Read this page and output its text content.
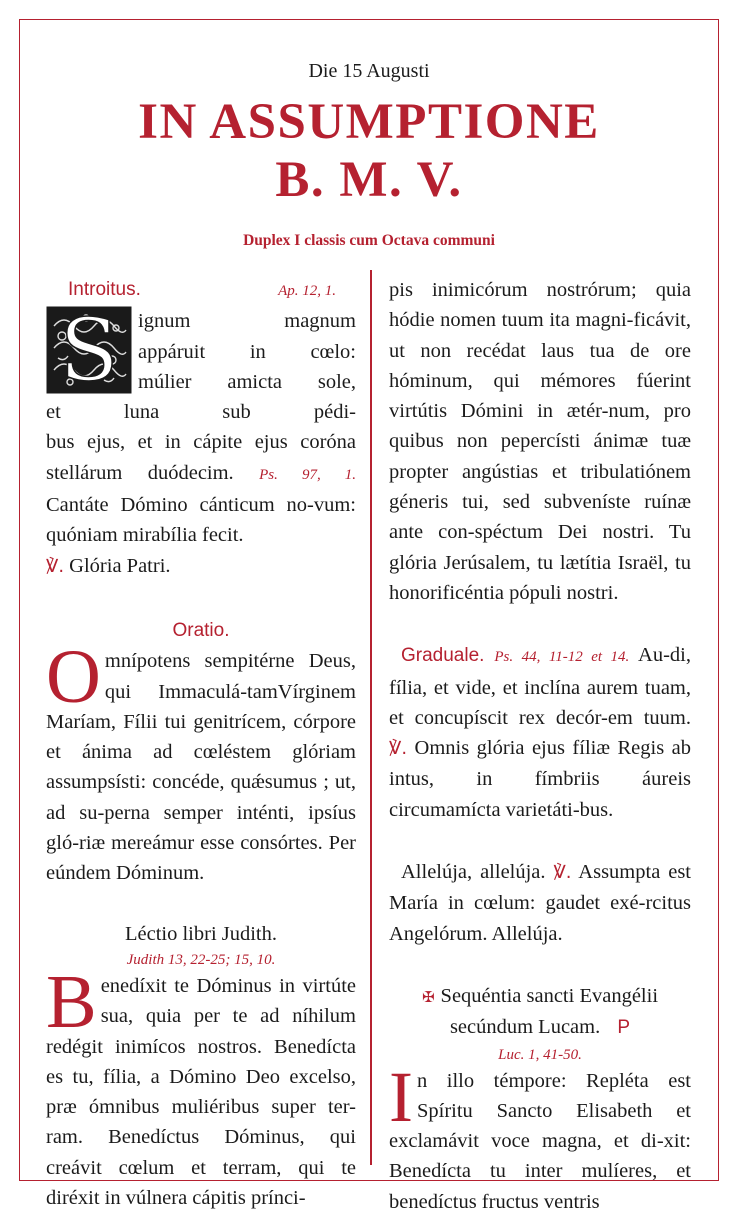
Die 15 Augusti
IN ASSUMPTIONE
B. M. V.
Duplex I classis cum Octava communi
Introitus.	Ap. 12, 1.
S ignum magnum
appáruit in cœlo:
múlier amicta sole,
et luna sub pédi-
bus ejus, et in cápite ejus coróna
stellárum duódecim. Ps. 97, 1.
Cantáte Dómino cánticum no-vum: quóniam mirabília fecit.
℣. Glória Patri.
Oratio.
Omnípotens sempitérne Deus, qui Immaculá-tamVírginem Maríam, Fílii tui genitrícem, córpore et ánima ad cœléstem glóriam assumpsísti: concéde, quǽsumus ; ut, ad su-perna semper inténti, ipsíus gló-riæ mereámur esse consórtes. Per eúndem Dóminum.
Léctio libri Judith.
Judith 13, 22-25; 15, 10.
Benedíxit te Dóminus in virtúte sua, quia per te ad níhilum redégit inimícos nostros. Benedícta es tu, fília, a Dómino Deo excelso, præ ómnibus muliéribus super ter-ram. Benedíctus Dóminus, qui creávit cœlum et terram, qui te diréxit in vúlnera cápitis prínci-
pis inimicórum nostrórum; quia hódie nomen tuum ita magni-ficávit, ut non recédat laus tua de ore hóminum, qui mémores fúerint virtútis Dómini in ætér-num, pro quibus non pepercísti ánimæ tuæ propter angústias et tribulatiónem géneris tui, sed subveníste ruínæ ante con-spéctum Dei nostri. Tu glória Jerúsalem, tu lætítia Israël, tu honorificéntia pópuli nostri.
Graduale. Ps. 44, 11-12 et 14. Au-di, fília, et vide, et inclína aurem tuam, et concupíscit rex decór-em tuum. ℣. Omnis glória ejus fíliæ Regis ab intus, in fímbriis áureis circumamícta varietáti-bus.
Allelúja, allelúja. ℣. Assumpta est María in cœlum: gaudet exé-rcitus Angelórum. Allelúja.
✠ Sequéntia sancti Evangélii
secúndum Lucam. P
Luc. 1, 41-50.
In illo témpore: Repléta est Spíritu Sancto Elisabeth et exclamávit voce magna, et di-xit: Benedícta tu inter mulíeres, et benedíctus fructus ventris
